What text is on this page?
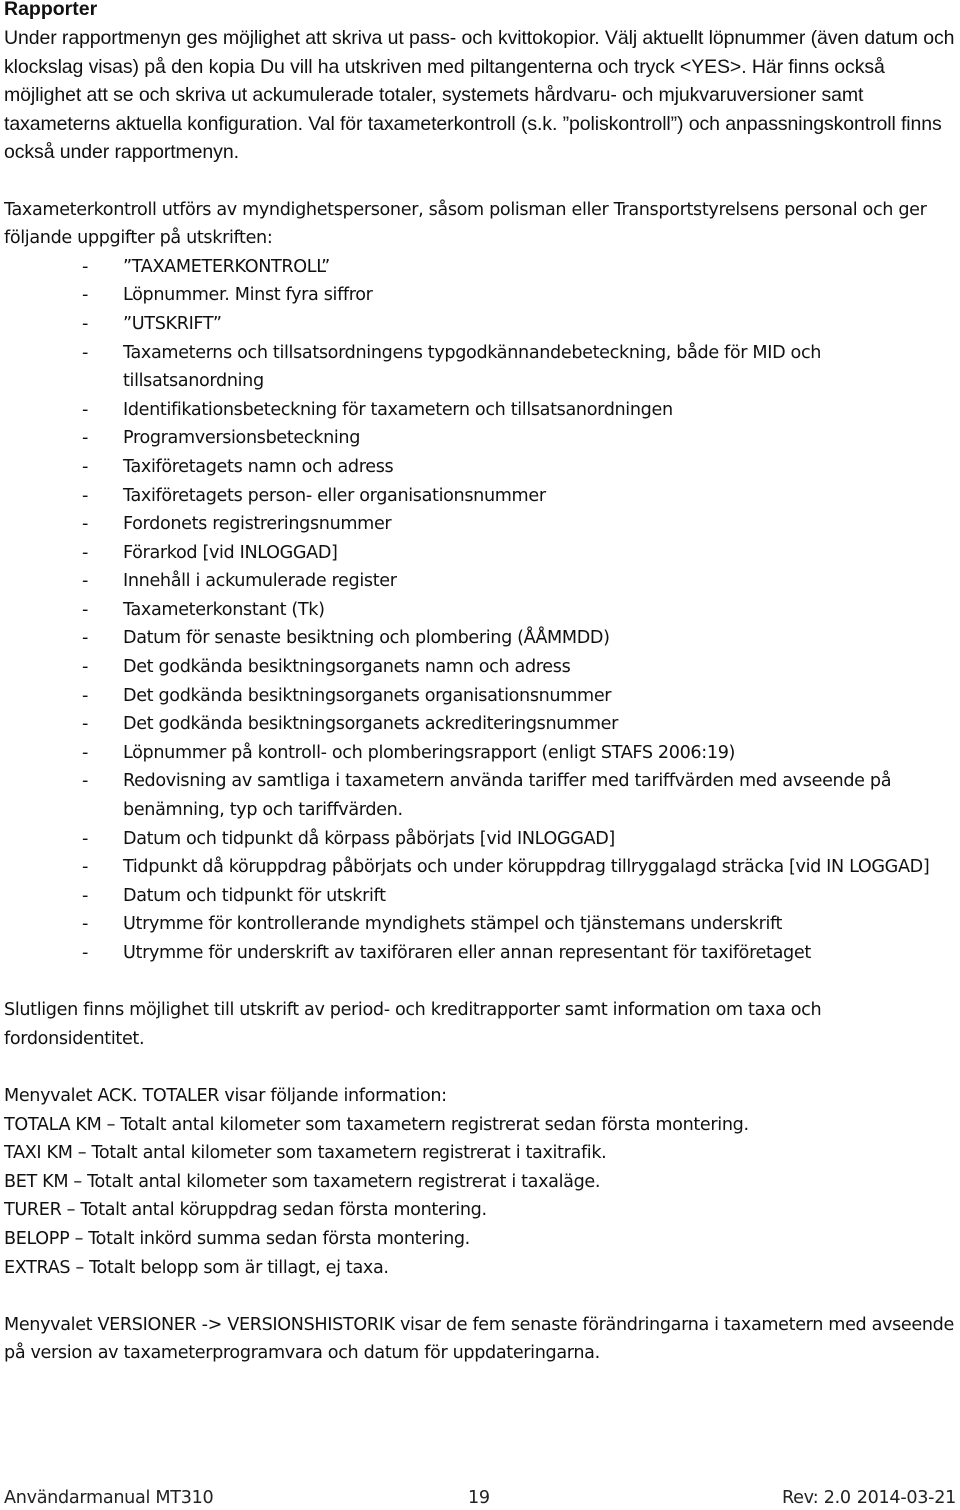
Rapporter

Under rapportmenyn ges möjlighet att skriva ut pass- och kvittokopior. Välj aktuellt löpnummer (även datum och klockslag visas) på den kopia Du vill ha utskriven med piltangenterna och tryck <YES>. Här finns också möjlighet att se och skriva ut ackumulerade totaler, systemets hårdvaru- och mjukvaruversioner samt taxameterns aktuella konfiguration. Val för taxameterkontroll (s.k. ”poliskontroll”) och anpassningskontroll finns också under rapportmenyn.

Taxameterkontroll utförs av myndighetspersoner, såsom polisman eller Transportstyrelsens personal och ger följande uppgifter på utskriften:

- ”TAXAMETERKONTROLL”
- Löpnummer. Minst fyra siffror
- ”UTSKRIFT”
- Taxameterns och tillsatsordningens typgodkännandebeteckning, både för MID och tillsatsanordning
- Identifikationsbeteckning för taxametern och tillsatsanordningen
- Programversionsbeteckning
- Taxiföretagets namn och adress
- Taxiföretagets person- eller organisationsnummer
- Fordonets registreringsnummer
- Förarkod [vid INLOGGAD]
- Innehåll i ackumulerade register
- Taxameterkonstant (Tk)
- Datum för senaste besiktning och plombering (ÅÅMMDD)
- Det godkända besiktningsorganets namn och adress
- Det godkända besiktningsorganets organisationsnummer
- Det godkända besiktningsorganets ackrediteringsnummer
- Löpnummer på kontroll- och plomberingsrapport (enligt STAFS 2006:19)
- Redovisning av samtliga i taxametern använda tariffer med tariffvärden med avseende på benämning, typ och tariffvärden.
- Datum och tidpunkt då körpass påbörjats [vid INLOGGAD]
- Tidpunkt då köruppdrag påbörjats och under köruppdrag tillryggalagd sträcka [vid IN LOGGAD]
- Datum och tidpunkt för utskrift
- Utrymme för kontrollerande myndighets stämpel och tjänstemans underskrift
- Utrymme för underskrift av taxiföraren eller annan representant för taxiföretaget

Slutligen finns möjlighet till utskrift av period- och kreditrapporter samt information om taxa och fordonsidentitet.

Menyvalet ACK. TOTALER visar följande information:

TOTALA KM – Totalt antal kilometer som taxametern registrerat sedan första montering.
TAXI KM – Totalt antal kilometer som taxametern registrerat i taxitrafik.
BET KM – Totalt antal kilometer som taxametern registrerat i taxaläge.
TURER – Totalt antal köruppdrag sedan första montering.
BELOPP – Totalt inkörd summa sedan första montering.
EXTRAS – Totalt belopp som är tillagt, ej taxa.

Menyvalet VERSIONER -> VERSIONSHISTORIK visar de fem senaste förändringarna i taxametern med avseende på version av taxameterprogramvara och datum för uppdateringarna.

Användarmanual MT310	19	Rev: 2.0 2014-03-21
